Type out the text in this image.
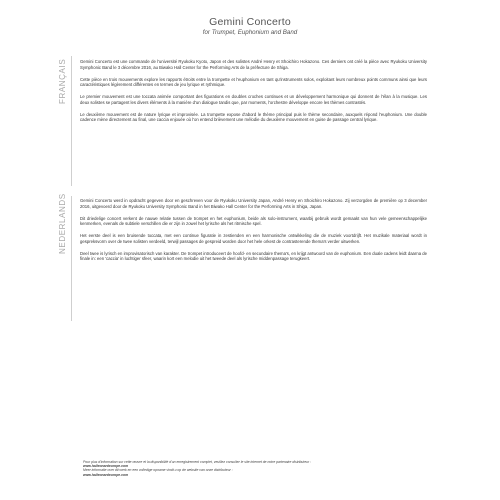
Gemini Concerto
for Trumpet, Euphonium and Band
FRANÇAIS	Gemini Concerto est une commande de l'université Ryukoku Kyoto, Japon et des solistes André Henry et Shoichiro Hokazono. Ces derniers ont créé la pièce avec Ryukoku University Symphonic Band le 3 décembre 2016, au Biwako Hall Center for the Performing Arts de la préfecture de Shiga.

Cette pièce en trois mouvements explore les rapports étroits entre la trompette et l'euphonium en tant qu'instruments solos, exploitant leurs nombreux points communs ainsi que leurs caractéristiques légèrement différentes en termes de jeu lyrique et rythmique.

Le premier mouvement est une toccata animée comportant des figurations en doubles croches continues et un développement harmonique qui donnent de l'élan à la musique. Les deux solistes se partagent les divers éléments à la manière d'un dialogue tandis que, par moments, l'orchestre développe encore les thèmes contrastés.

Le deuxième mouvement est de nature lyrique et improvisée. La trompette expose d'abord le thème principal puis le thème secondaire, auxquels répond l'euphonium. Une double cadence mène directement au final, une caccia enjouée où l'on entend brièvement une mélodie du deuxième mouvement en guise de passage central lyrique.

NEDERLANDS	Gemini Concerto werd in opdracht gegeven door en geschreven voor de Ryukoku University Japan, André Henry en Shoichiro Hokazono. Zij verzorgden de première op 3 december 2016, uitgevoerd door de Ryukoku University Symphonic Band in het Biwako Hall Center for the Performing Arts in Shiga, Japan.

Dit driedelige concert verkent de nauwe relatie tussen de trompet en het euphonium, beide als solo-instrument, waarbij gebruik wordt gemaakt van hun vele gemeenschappelijke kenmerken, evenals de subtiele verschillen die er zijn in zowel het lyrische als het ritmische spel.

Het eerste deel is een bruisende toccata, met een continue figuratie in zestienden en een harmonische ontwikkeling die de muziek voortdrijft. Het muzikale materiaal wordt in gespreksvorm over de twee solisten verdeeld, terwijl passages de gespreid worden door het hele orkest de contrasterende thema's verder uitwerken.

Deel twee is lyrisch en improvisatorisch van karakter. De trompet introduceert de hoofd- en secundaire thema's, en krijgt antwoord van de euphonium. Een duale cadens leidt daarna de finale in: een 'caccia' in luchtiger sfeer, waarin kort een melodie uit het tweede deel als lyrische middenpassage terugkeert.

Pour plus d'information sur cette œuvre et la disponibilité d'un enregistrement complet, veuillez consulter le site internet de notre partenaire distributeur :
www.halleonardeurope.com
Meer informatie over dit werk en een volledige opname vindt u op de website van onze distributeur :
www.halleonardeurope.com
